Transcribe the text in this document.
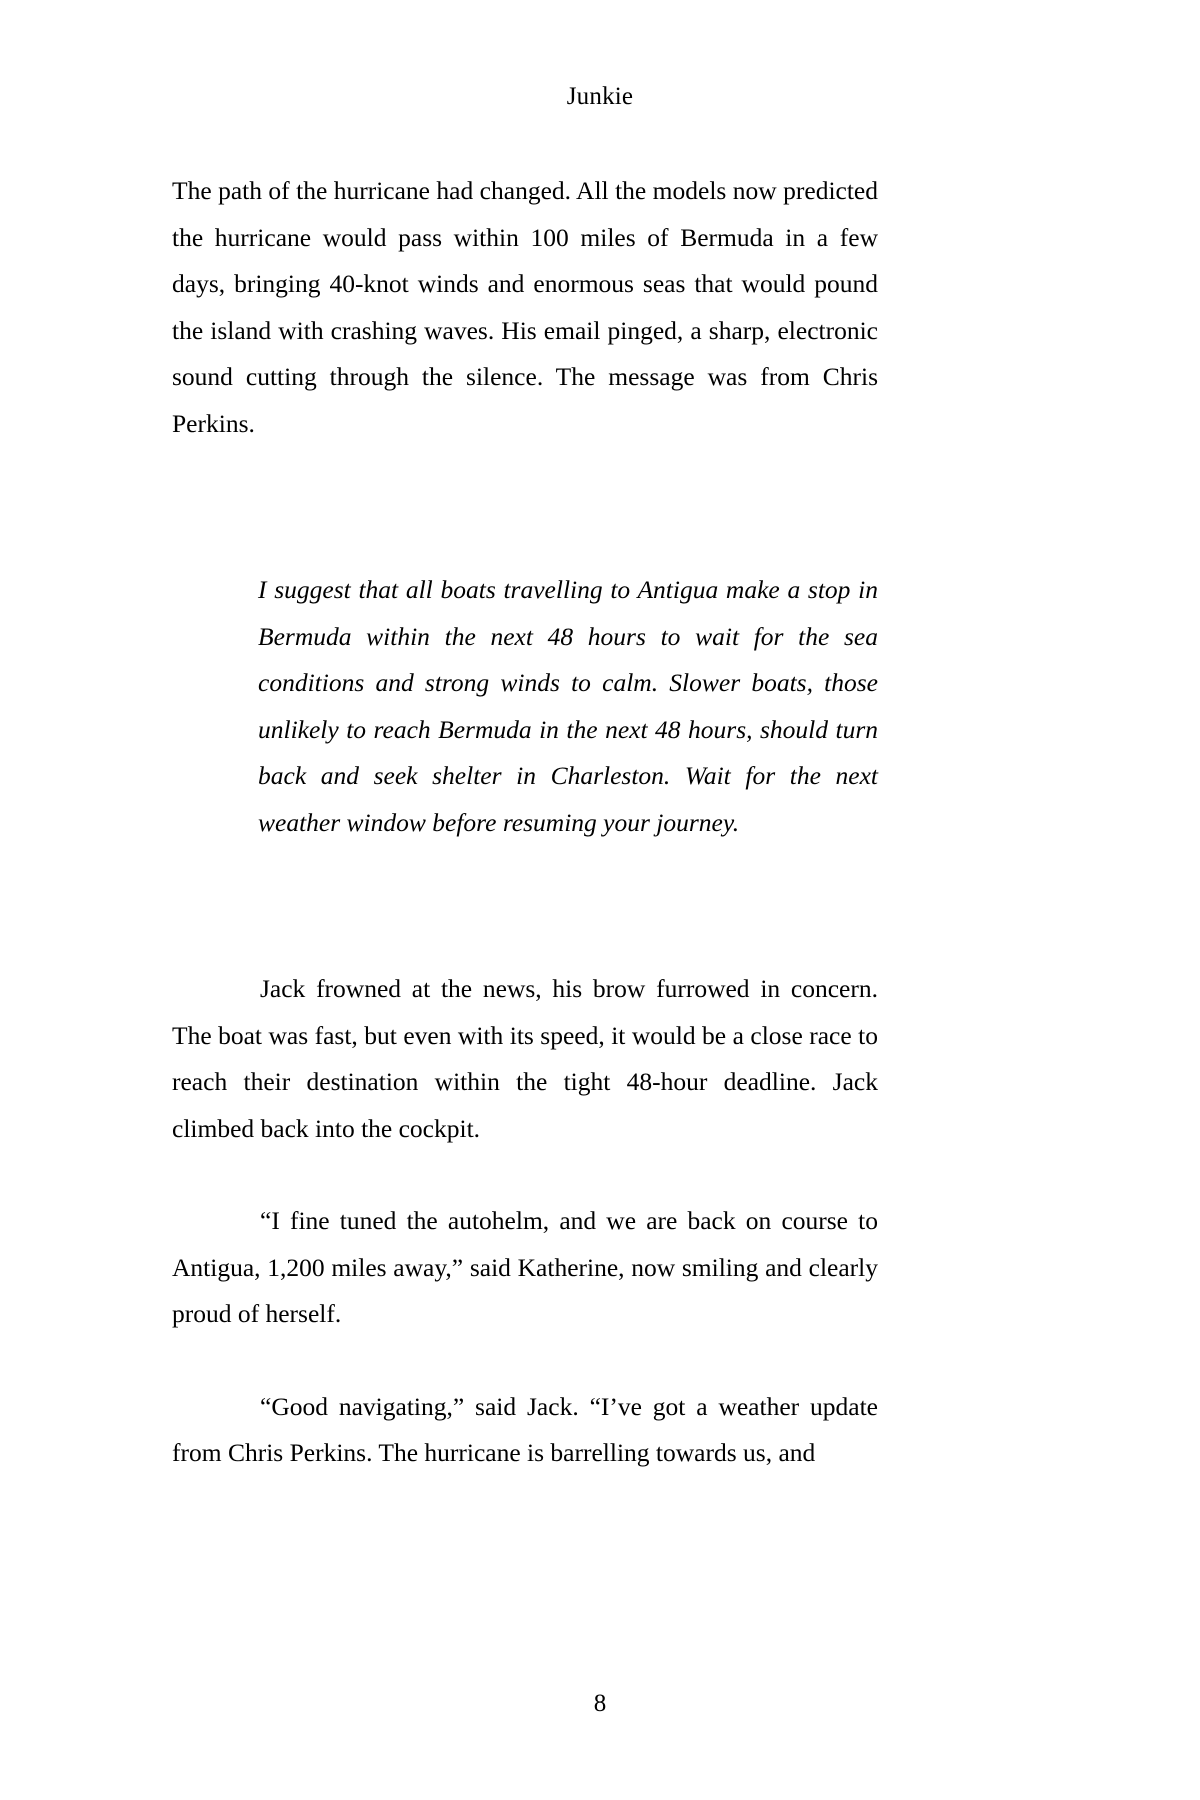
Junkie

The path of the hurricane had changed. All the models now predicted the hurricane would pass within 100 miles of Bermuda in a few days, bringing 40-knot winds and enormous seas that would pound the island with crashing waves. His email pinged, a sharp, electronic sound cutting through the silence. The message was from Chris Perkins.

I suggest that all boats travelling to Antigua make a stop in Bermuda within the next 48 hours to wait for the sea conditions and strong winds to calm. Slower boats, those unlikely to reach Bermuda in the next 48 hours, should turn back and seek shelter in Charleston. Wait for the next weather window before resuming your journey.

Jack frowned at the news, his brow furrowed in concern. The boat was fast, but even with its speed, it would be a close race to reach their destination within the tight 48-hour deadline. Jack climbed back into the cockpit.

“I fine tuned the autohelm, and we are back on course to Antigua, 1,200 miles away,” said Katherine, now smiling and clearly proud of herself.

“Good navigating,” said Jack. “I’ve got a weather update from Chris Perkins. The hurricane is barrelling towards us, and

8
